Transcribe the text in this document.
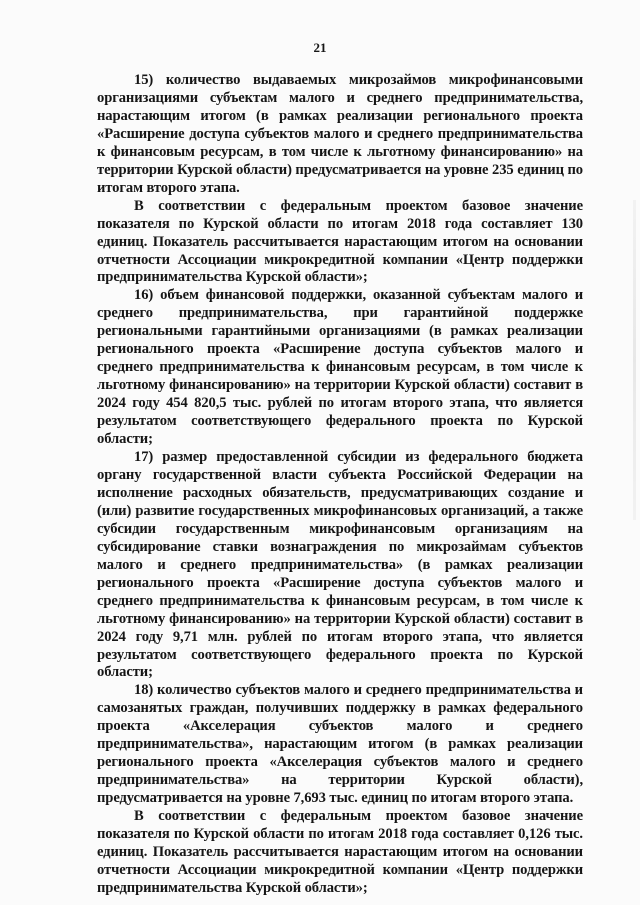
21

15) количество выдаваемых микрозаймов микрофинансовыми организациями субъектам малого и среднего предпринимательства, нарастающим итогом (в рамках реализации регионального проекта «Расширение доступа субъектов малого и среднего предпринимательства к финансовым ресурсам, в том числе к льготному финансированию» на территории Курской области) предусматривается на уровне 235 единиц по итогам второго этапа.

В соответствии с федеральным проектом базовое значение показателя по Курской области по итогам 2018 года составляет 130 единиц. Показатель рассчитывается нарастающим итогом на основании отчетности Ассоциации микрокредитной компании «Центр поддержки предпринимательства Курской области»;

16) объем финансовой поддержки, оказанной субъектам малого и среднего предпринимательства, при гарантийной поддержке региональными гарантийными организациями (в рамках реализации регионального проекта «Расширение доступа субъектов малого и среднего предпринимательства к финансовым ресурсам, в том числе к льготному финансированию» на территории Курской области) составит в 2024 году 454 820,5 тыс. рублей по итогам второго этапа, что является результатом соответствующего федерального проекта по Курской области;

17) размер предоставленной субсидии из федерального бюджета органу государственной власти субъекта Российской Федерации на исполнение расходных обязательств, предусматривающих создание и (или) развитие государственных микрофинансовых организаций, а также субсидии государственным микрофинансовым организациям на субсидирование ставки вознаграждения по микрозаймам субъектов малого и среднего предпринимательства» (в рамках реализации регионального проекта «Расширение доступа субъектов малого и среднего предпринимательства к финансовым ресурсам, в том числе к льготному финансированию» на территории Курской области) составит в 2024 году 9,71 млн. рублей по итогам второго этапа, что является результатом соответствующего федерального проекта по Курской области;

18) количество субъектов малого и среднего предпринимательства и самозанятых граждан, получивших поддержку в рамках федерального проекта «Акселерация субъектов малого и среднего предпринимательства», нарастающим итогом (в рамках реализации регионального проекта «Акселерация субъектов малого и среднего предпринимательства» на территории Курской области), предусматривается на уровне 7,693 тыс. единиц по итогам второго этапа.

В соответствии с федеральным проектом базовое значение показателя по Курской области по итогам 2018 года составляет 0,126 тыс. единиц. Показатель рассчитывается нарастающим итогом на основании отчетности Ассоциации микрокредитной компании «Центр поддержки предпринимательства Курской области»;
